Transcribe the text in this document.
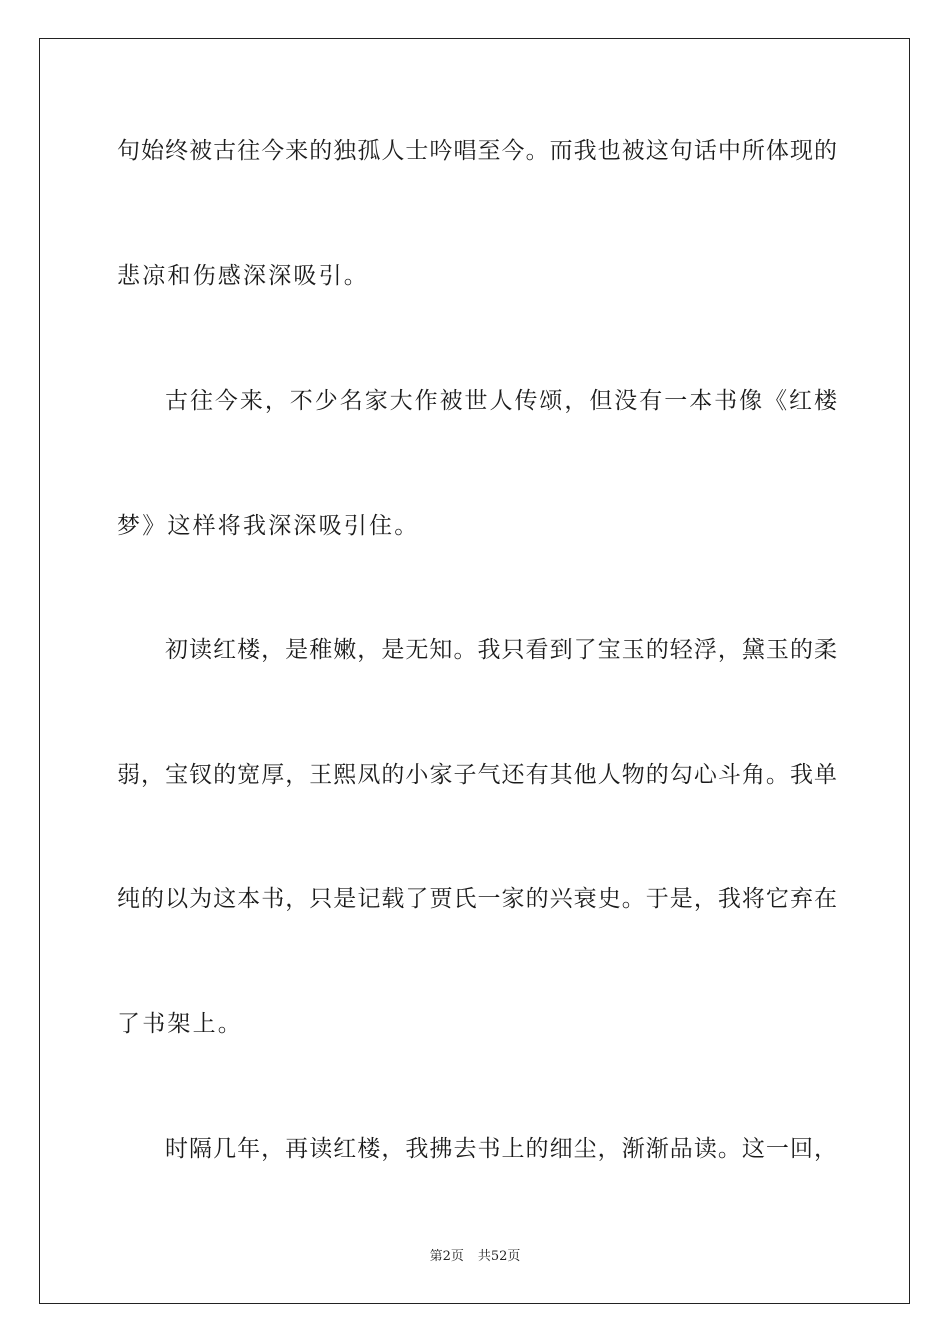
句始终被古往今来的独孤人士吟唱至今。而我也被这句话中所体现的
悲凉和伤感深深吸引。
古往今来，不少名家大作被世人传颂，但没有一本书像《红楼
梦》这样将我深深吸引住。
初读红楼，是稚嫩，是无知。我只看到了宝玉的轻浮，黛玉的柔
弱，宝钗的宽厚，王熙凤的小家子气还有其他人物的勾心斗角。我单
纯的以为这本书，只是记载了贾氏一家的兴衰史。于是，我将它弃在
了书架上。
时隔几年，再读红楼，我拂去书上的细尘，渐渐品读。这一回，
第2页 共52页
